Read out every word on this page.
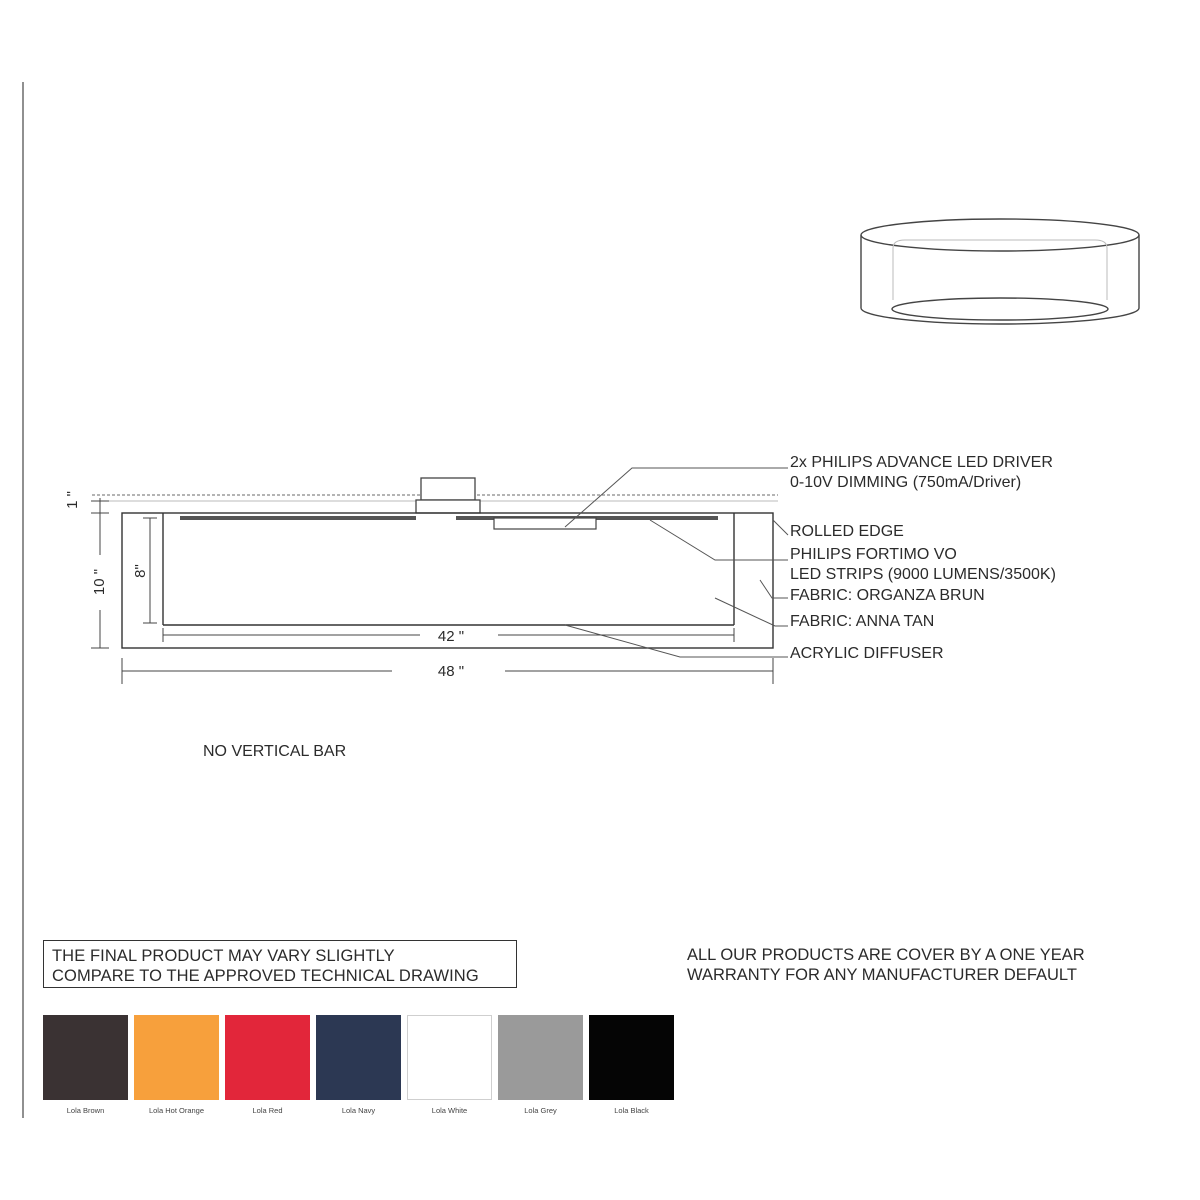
2x PHILIPS ADVANCE LED DRIVER
0-10V DIMMING (750mA/Driver)
ROLLED EDGE
PHILIPS FORTIMO VO
LED STRIPS (9000 LUMENS/3500K)
FABRIC: ORGANZA BRUN
FABRIC: ANNA TAN
ACRYLIC DIFFUSER
1 "
10 " 8"
42 "
48 "
NO VERTICAL BAR
THE FINAL PRODUCT MAY VARY SLIGHTLY
COMPARE TO THE APPROVED TECHNICAL DRAWING
ALL OUR PRODUCTS ARE COVER BY A ONE YEAR
WARRANTY FOR ANY MANUFACTURER DEFAULT
Lola Brown	Lola Hot Orange	Lola Red	Lola Navy	Lola White	Lola Grey	Lola Black
